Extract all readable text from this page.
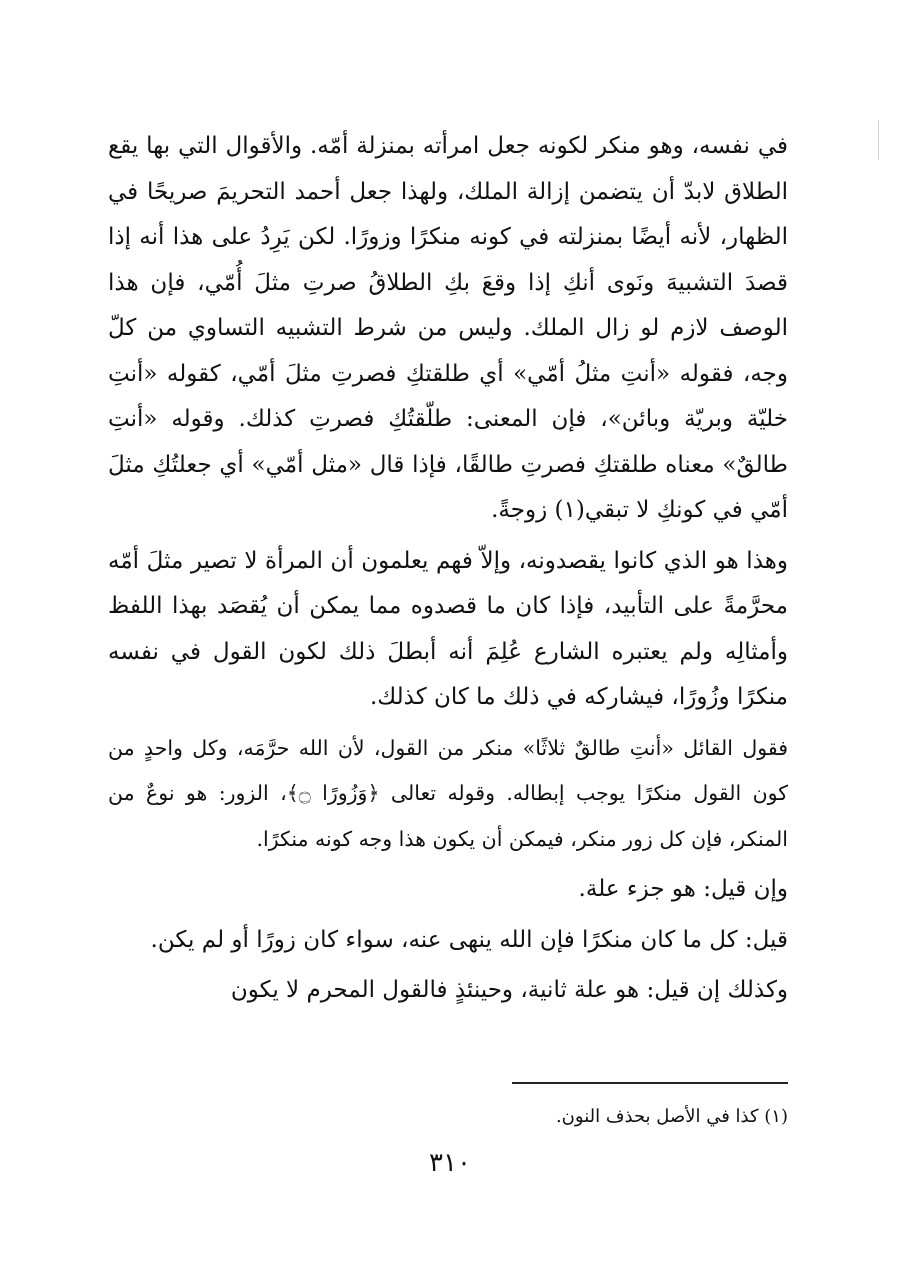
في نفسه، وهو منكر لكونه جعل امرأته بمنزلة أمّه. والأقوال التي بها يقع الطلاق لابدّ أن يتضمن إزالة الملك، ولهذا جعل أحمد التحريمَ صريحًا في الظهار، لأنه أيضًا بمنزلته في كونه منكرًا وزورًا. لكن يَرِدُ على هذا أنه إذا قصدَ التشبيهَ ونَوى أنكِ إذا وقعَ بكِ الطلاقُ صرتِ مثلَ أُمّي، فإن هذا الوصف لازم لو زال الملك. وليس من شرط التشبيه التساوي من كلّ وجه، فقوله «أنتِ مثلُ أمّي» أي طلقتكِ فصرتِ مثلَ أمّي، كقوله «أنتِ خليّة وبريّة وبائن»، فإن المعنى: طلّقتُكِ فصرتِ كذلك. وقوله «أنتِ طالقٌ» معناه طلقتكِ فصرتِ طالقًا، فإذا قال «مثل أمّي» أي جعلتُكِ مثلَ أمّي في كونكِ لا تبقي(١) زوجةً.

وهذا هو الذي كانوا يقصدونه، وإلاّ فهم يعلمون أن المرأة لا تصير مثلَ أمّه محرَّمةً على التأبيد، فإذا كان ما قصدوه مما يمكن أن يُقصَد بهذا اللفظ وأمثالِه ولم يعتبره الشارع عُلِمَ أنه أبطلَ ذلك لكون القول في نفسه منكرًا وزُورًا، فيشاركه في ذلك ما كان كذلك.

فقول القائل «أنتِ طالقٌ ثلاثًا» منكر من القول، لأن الله حرَّمَه، وكل واحدٍ من كون القول منكرًا يوجب إبطاله. وقوله تعالى ﴿وَزُورًا ۝﴾، الزور: هو نوعٌ من المنكر، فإن كل زور منكر، فيمكن أن يكون هذا وجه كونه منكرًا.

وإن قيل: هو جزء علة.

قيل: كل ما كان منكرًا فإن الله ينهى عنه، سواء كان زورًا أو لم يكن.

وكذلك إن قيل: هو علة ثانية، وحينئذٍ فالقول المحرم لا يكون

(١) كذا في الأصل بحذف النون.
٣١٠
